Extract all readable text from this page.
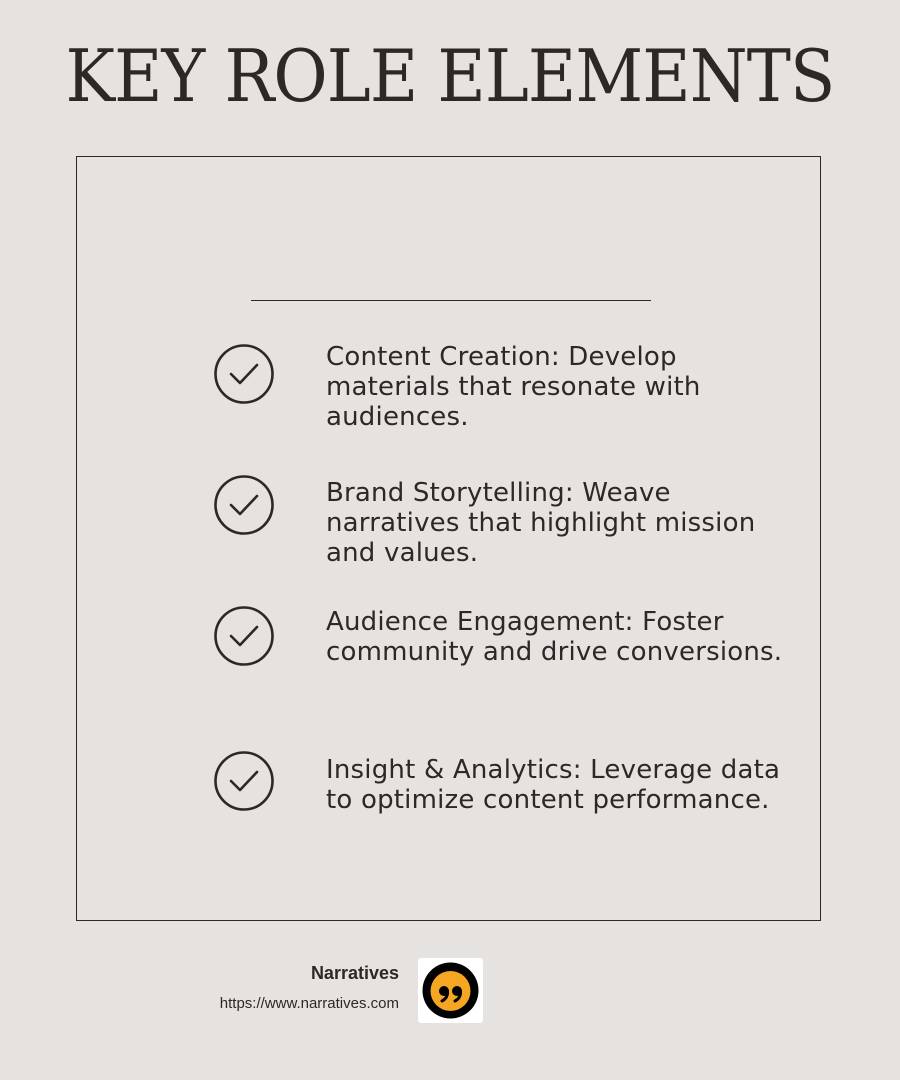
KEY ROLE ELEMENTS
Content Creation: Develop materials that resonate with audiences.
Brand Storytelling: Weave narratives that highlight mission and values.
Audience Engagement: Foster community and drive conversions.
Insight & Analytics: Leverage data to optimize content performance.
Narratives
https://www.narratives.com
